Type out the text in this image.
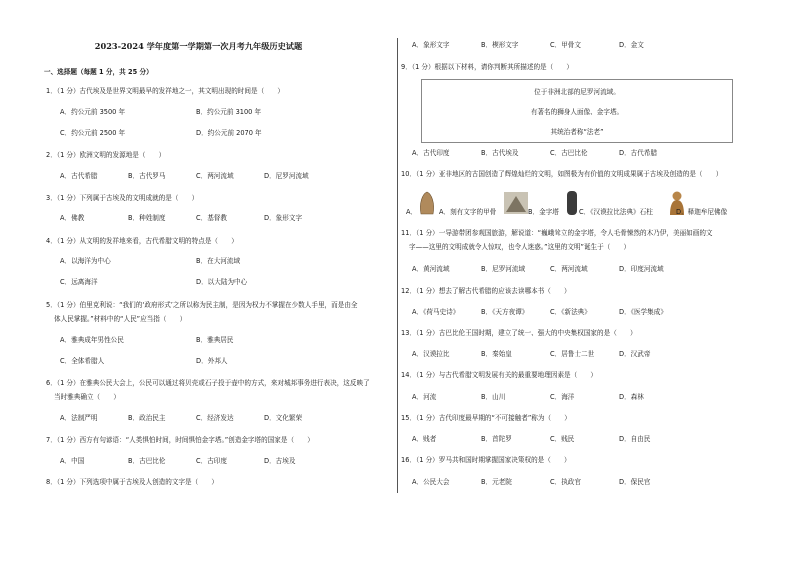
2023-2024 学年度第一学期第一次月考九年级历史试题
一、选择题（每题 1 分，共 25 分）
1．（1 分）古代埃及是世界文明最早的发祥地之一，其文明出现的时间是（　　）
A．约公元前 3500 年	B．约公元前 3100 年
C．约公元前 2500 年	D．约公元前 2070 年
2．（1 分）欧洲文明的发源地是（　　）
A．古代希腊	B．古代罗马	C．两河流域	D．尼罗河流域
3．（1 分）下列属于古埃及的文明成就的是（　　）
A．佛教	B．种姓制度	C．基督教	D．象形文字
4．（1 分）从文明的发祥地来看，古代希腊文明的特点是（　　）
A．以海洋为中心	B．在大河流域
C．远离海洋	D．以大陆为中心
5．（1 分）伯里克利说：“我们的‘政府形式’之所以称为民主制，是因为权力不掌握在少数人手里，而是由全
体人民掌握。”材料中的“人民”应当指（　　）
A．雅典成年男性公民	B．雅典居民
C．全体希腊人	D．外邦人
6．（1 分）在雅典公民大会上，公民可以通过将贝壳或石子投于壶中的方式，来对城邦事务进行表决，这反映了
当时雅典确立（　　）
A．法制严明	B．政治民主	C．经济发达	D．文化繁荣
7．（1 分）西方有句谚语：“人类惧怕时间，时间惧怕金字塔。”创造金字塔的国家是（　　）
A．中国	B．古巴比伦	C．古印度	D．古埃及
8．（1 分）下列选项中属于古埃及人创造的文字是（　　）
A．象形文字	B．楔形文字	C．甲骨文	D．金文
9．（1 分）根据以下材料，请你判断其所描述的是（　　）
位于非洲北部的尼罗河流域。
有著名的狮身人面像、金字塔。
其统治者称“法老”
A．古代印度	B．古代埃及	C．古巴比伦	D．古代希腊
10．（1 分）亚非地区的古国创造了辉煌灿烂的文明，如图极为有价值的文明成果属于古埃及创造的是（　　）
A．	A．刻有文字的甲骨	B．金字塔	C．《汉谟拉比法典》石柱	D．释迦牟尼佛像
11．（1 分）一导游带团参观国旅游，解说道：“巍峨耸立的金字塔，令人毛骨悚然的木乃伊，美丽如画的文
字——这里的文明成就令人惊叹，也令人迷惑。”这里的文明”诞生于（　　）
A．黄河流域	B．尼罗河流域	C．两河流域	D．印度河流域
12．（1 分）想去了解古代希腊的应该去读哪本书（　　）
A．《荷马史诗》	B．《天方夜谭》	C．《新法典》	D．《医学集成》
13．（1 分）古巴比伦王国时期，建立了统一、强大的中央集权国家的是（　　）
A．汉谟拉比	B．秦始皇	C．居鲁士二世	D．汉武帝
14．（1 分）与古代希腊文明发展有关的最重要地理因素是（　　）
A．河流	B．山川	C．海洋	D．森林
15．（1 分）古代印度最早期的“不可接触者”称为（　　）
A．贱者	B．首陀罗	C．贱民	D．自由民
16．（1 分）罗马共和国时期掌握国家决策权的是（　　）
A．公民大会	B．元老院	C．执政官	D．保民官
